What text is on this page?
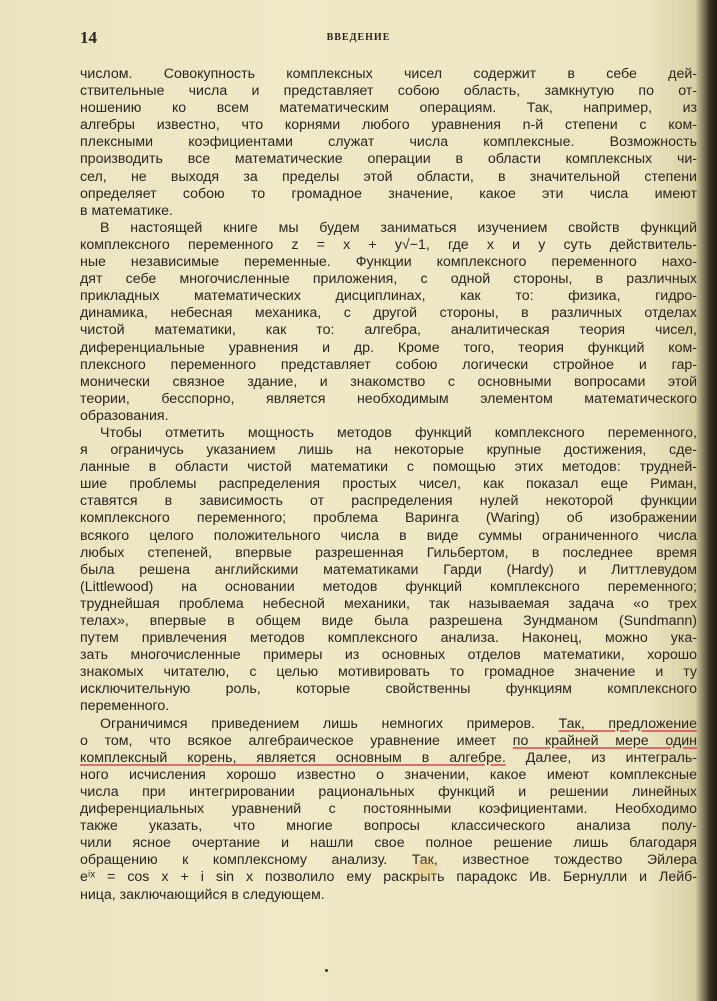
14	ВВЕДЕНИЕ
числом. Совокупность комплексных чисел содержит в себе дей-
ствительные числа и представляет собою область, замкнутую по от-
ношению ко всем математическим операциям. Так, например, из
алгебры известно, что корнями любого уравнения n-й степени с ком-
плексными коэфициентами служат числа комплексные. Возможность
производить все математические операции в области комплексных чи-
сел, не выходя за пределы этой области, в значительной степени
определяет собою то громадное значение, какое эти числа имеют
в математике.
В настоящей книге мы будем заниматься изучением свойств функций
комплексного переменного z = x + y√−1, где x и y суть действитель-
ные независимые переменные. Функции комплексного переменного нахо-
дят себе многочисленные приложения, с одной стороны, в различных
прикладных математических дисциплинах, как то: физика, гидро-
динамика, небесная механика, с другой стороны, в различных отделах
чистой математики, как то: алгебра, аналитическая теория чисел,
диференциальные уравнения и др. Кроме того, теория функций ком-
плексного переменного представляет собою логически стройное и гар-
монически связное здание, и знакомство с основными вопросами этой
теории, бесспорно, является необходимым элементом математического
образования.
Чтобы отметить мощность методов функций комплексного переменного,
я ограничусь указанием лишь на некоторые крупные достижения, сде-
ланные в области чистой математики с помощью этих методов: трудней-
шие проблемы распределения простых чисел, как показал еще Риман,
ставятся в зависимость от распределения нулей некоторой функции
комплексного переменного; проблема Варинга (Waring) об изображении
всякого целого положительного числа в виде суммы ограниченного числа
любых степеней, впервые разрешенная Гильбертом, в последнее время
была решена английскими математиками Гарди (Hardy) и Литтлевудом
(Littlewood) на основании методов функций комплексного переменного;
труднейшая проблема небесной механики, так называемая задача «о трех
телах», впервые в общем виде была разрешена Зундманом (Sundmann)
путем привлечения методов комплексного анализа. Наконец, можно ука-
зать многочисленные примеры из основных отделов математики, хорошо
знакомых читателю, с целью мотивировать то громадное значение и ту
исключительную роль, которые свойственны функциям комплексного
переменного.
Ограничимся приведением лишь немногих примеров. Так, предложение
о том, что всякое алгебраическое уравнение имеет по крайней мере один
комплексный корень, является основным в алгебре. Далее, из интеграль-
ного исчисления хорошо известно о значении, какое имеют комплексные
числа при интегрировании рациональных функций и решении линейных
диференциальных уравнений с постоянными коэфициентами. Необходимо
также указать, что многие вопросы классического анализа полу-
чили ясное очертание и нашли свое полное решение лишь благодаря
обращению к комплексному анализу. Так, известное тождество Эйлера
eⁱˣ = cos x + i sin x позволило ему раскрыть парадокс Ив. Бернулли и Лейб-
ница, заключающийся в следующем.
